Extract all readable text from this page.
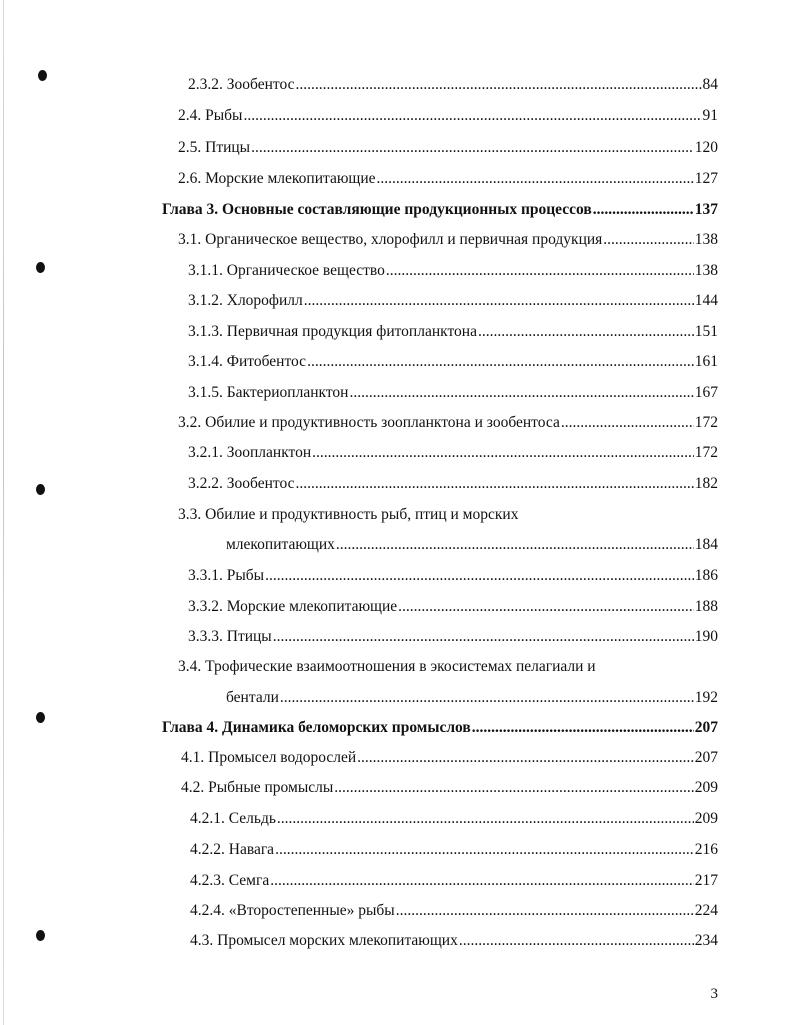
2.3.2. Зообентос .....	84
2.4. Рыбы .....	91
2.5. Птицы .....	120
2.6. Морские млекопитающие .....	127
Глава 3. Основные составляющие продукционных процессов .....	137
3.1. Органическое вещество, хлорофилл и первичная продукция .....	138
3.1.1. Органическое вещество .....	138
3.1.2. Хлорофилл .....	144
3.1.3. Первичная продукция фитопланктона .....	151
3.1.4. Фитобентос .....	161
3.1.5. Бактериопланктон .....	167
3.2. Обилие и продуктивность зоопланктона и зообентоса .....	172
3.2.1. Зоопланктон .....	172
3.2.2. Зообентос .....	182
3.3. Обилие и продуктивность рыб, птиц и морских
млекопитающих .....	184
3.3.1. Рыбы .....	186
3.3.2. Морские млекопитающие .....	188
3.3.3. Птицы .....	190
3.4. Трофические взаимоотношения в экосистемах пелагиали и
бентали .....	192
Глава 4. Динамика беломорских промыслов .....	207
4.1. Промысел водорослей .....	207
4.2. Рыбные промыслы .....	209
4.2.1. Сельдь .....	209
4.2.2. Навага .....	216
4.2.3. Семга .....	217
4.2.4. «Второстепенные» рыбы .....	224
4.3. Промысел морских млекопитающих .....	234
3
